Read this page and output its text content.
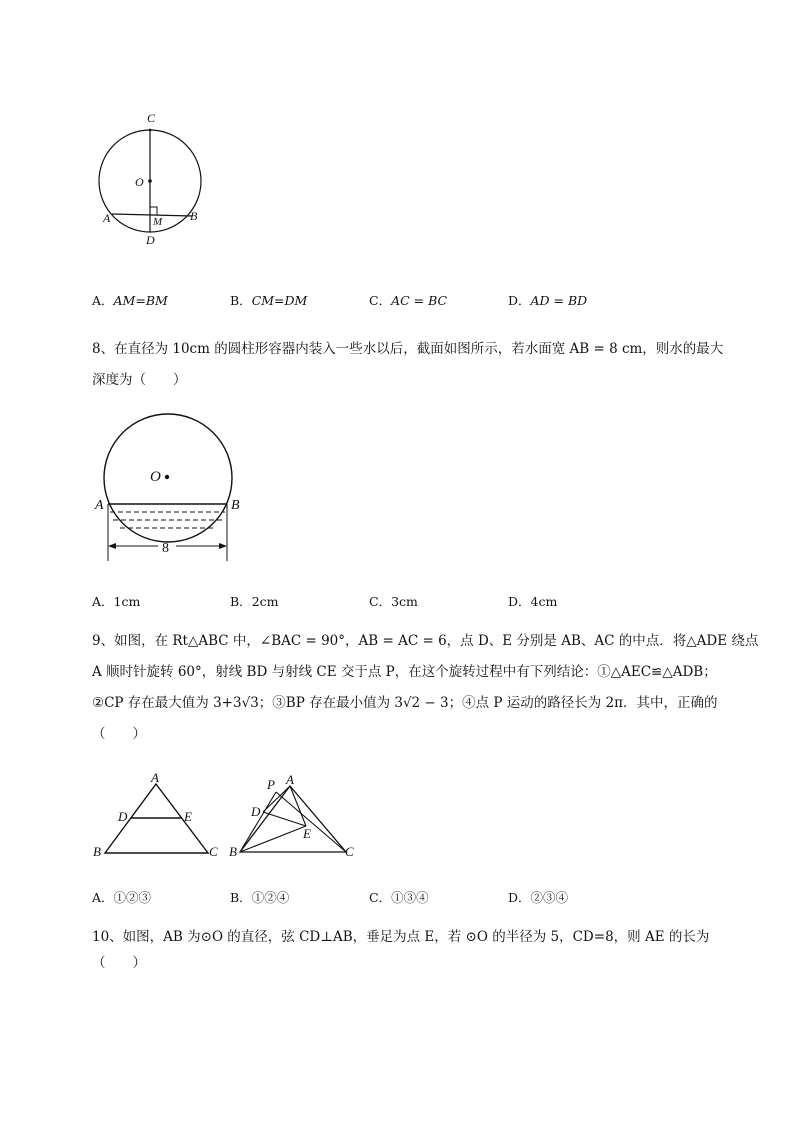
C
O
A	B
M
D
A．AM=BM	B．CM=DM	C．AC = BC	D．AD = BD

8、在直径为 10cm 的圆柱形容器内装入一些水以后，截面如图所示，若水面宽 AB = 8 cm，则水的最大

深度为（　　）

O
A	B
8
A．1cm	B．2cm	C．3cm	D．4cm

9、如图，在 Rt△ABC 中，∠BAC = 90°，AB = AC = 6，点 D、E 分别是 AB、AC 的中点．将△ADE 绕点

A 顺时针旋转 60°，射线 BD 与射线 CE 交于点 P，在这个旋转过程中有下列结论：①△AEC≌△ADB；

②CP 存在最大值为 3+3√3；③BP 存在最小值为 3√2 − 3；④点 P 运动的路径长为 2π．其中，正确的

（　　）

A
D	E
B	C
P A
D
E
B	C
A．①②③	B．①②④	C．①③④	D．②③④

10、如图，AB 为⊙O 的直径，弦 CD⊥AB，垂足为点 E，若 ⊙O 的半径为 5，CD=8，则 AE 的长为

（　　）
